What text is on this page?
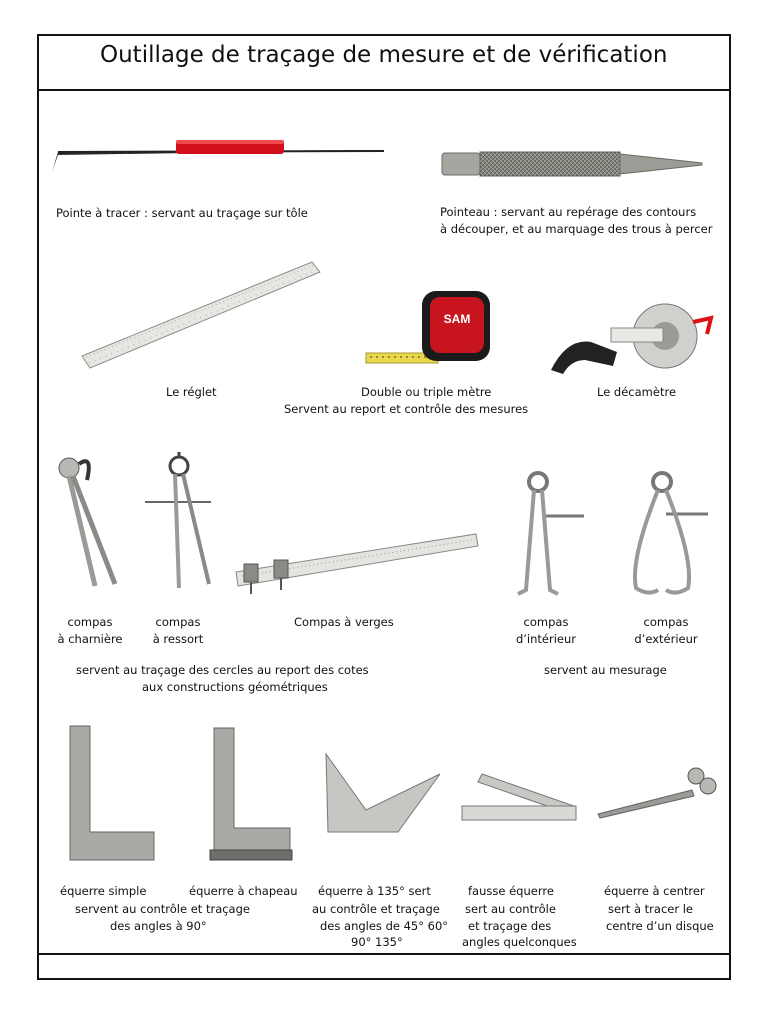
Outillage de traçage de mesure et de vérification
Pointe à tracer : servant au traçage sur tôle	Pointeau : servant au repérage des contours
à découper, et au marquage des trous à percer
SAM
Le réglet	Double ou triple mètre	Le décamètre
Servent au report et contrôle des mesures
compas
à charnière
compas
à ressort
Compas à verges	compas
d’intérieur
compas
d’extérieur
servent au traçage des cercles au report des cotes
aux constructions géométriques
servent au mesurage
équerre simple	équerre à chapeau
servent au contrôle et traçage
des angles à 90°
équerre à 135° sert
au contrôle et traçage
des angles de 45° 60°
90° 135°
fausse équerre
sert au contrôle
et traçage des
angles quelconques
équerre à centrer
sert à tracer le
centre d’un disque
